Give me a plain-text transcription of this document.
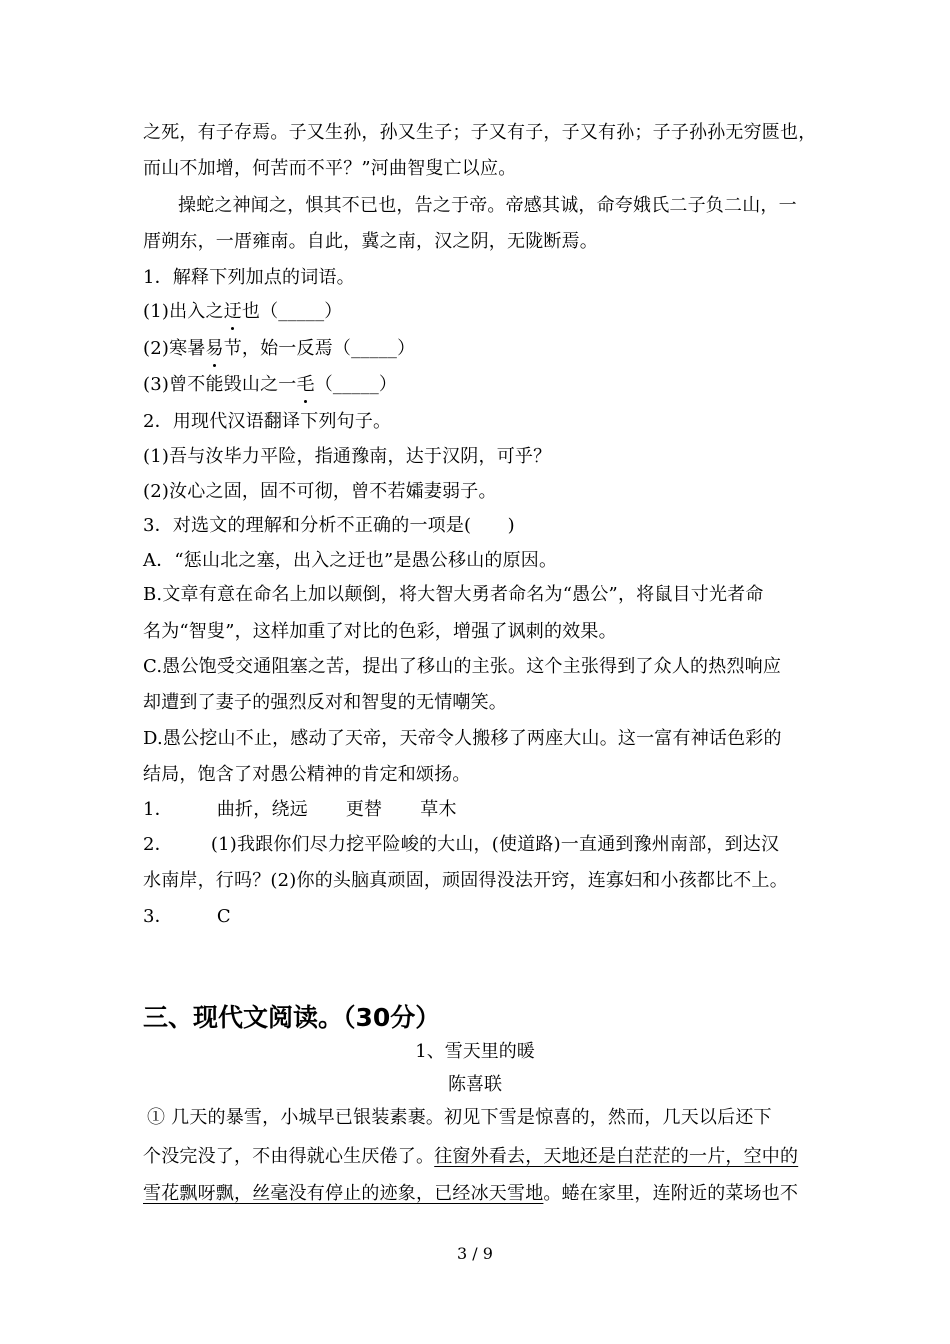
之死，有子存焉。子又生孙，孙又生子；子又有子，子又有孙；子子孙孙无穷匮也，
而山不加增，何苦而不平？”河曲智叟亡以应。
操蛇之神闻之，惧其不已也，告之于帝。帝感其诚，命夸娥氏二子负二山，一
厝朔东，一厝雍南。自此，冀之南，汉之阴，无陇断焉。
1．解释下列加点的词语。
(1)出入之迂也（_____）
(2)寒暑易节，始一反焉（_____）
(3)曾不能毁山之一毛（_____）
2．用现代汉语翻译下列句子。
(1)吾与汝毕力平险，指通豫南，达于汉阴，可乎？
(2)汝心之固，固不可彻，曾不若孀妻弱子。
3．对选文的理解和分析不正确的一项是(　　)
A．“惩山北之塞，出入之迂也”是愚公移山的原因。
B.文章有意在命名上加以颠倒，将大智大勇者命名为“愚公”，将鼠目寸光者命
名为“智叟”，这样加重了对比的色彩，增强了讽刺的效果。
C.愚公饱受交通阻塞之苦，提出了移山的主张。这个主张得到了众人的热烈响应
却遭到了妻子的强烈反对和智叟的无情嘲笑。
D.愚公挖山不止，感动了天帝，天帝令人搬移了两座大山。这一富有神话色彩的
结局，饱含了对愚公精神的肯定和颂扬。
1． 曲折，绕远 更替 草木
2． (1)我跟你们尽力挖平险峻的大山，(使道路)一直通到豫州南部，到达汉
水南岸，行吗？(2)你的头脑真顽固，顽固得没法开窍，连寡妇和小孩都比不上。
3． C
三、现代文阅读。（30分）
1、雪天里的暖
陈喜联
① 几天的暴雪，小城早已银装素裹。初见下雪是惊喜的，然而，几天以后还下
个没完没了，不由得就心生厌倦了。往窗外看去，天地还是白茫茫的一片，空中的
雪花飘呀飘，丝毫没有停止的迹象，已经冰天雪地。蜷在家里，连附近的菜场也不
3 / 9
